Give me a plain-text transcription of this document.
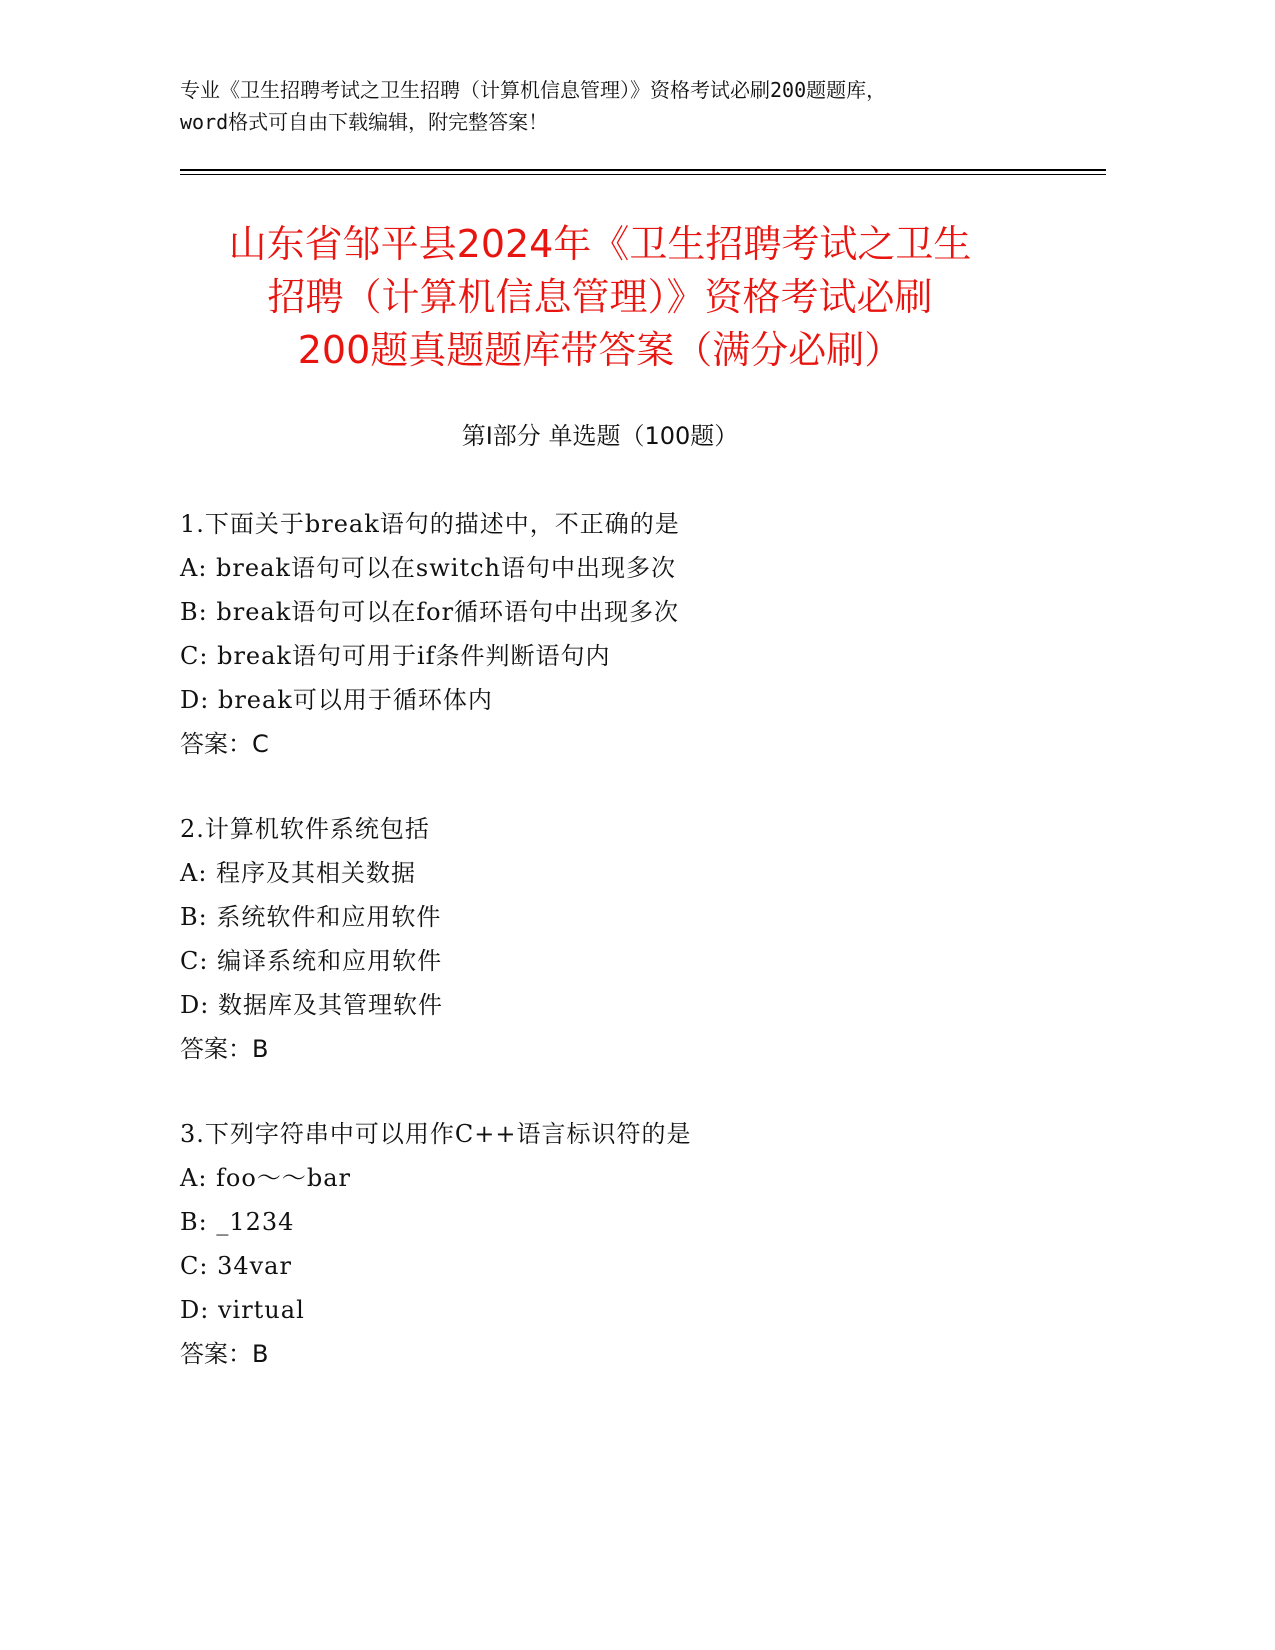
专业《卫生招聘考试之卫生招聘（计算机信息管理）》资格考试必刷200题题库，
word格式可自由下载编辑，附完整答案！
山东省邹平县2024年《卫生招聘考试之卫生
招聘（计算机信息管理）》资格考试必刷
200题真题题库带答案（满分必刷）
第Ⅰ部分 单选题（100题）
1.下面关于break语句的描述中，不正确的是
A: break语句可以在switch语句中出现多次
B: break语句可以在for循环语句中出现多次
C: break语句可用于if条件判断语句内
D: break可以用于循环体内
答案：C
2.计算机软件系统包括
A: 程序及其相关数据
B: 系统软件和应用软件
C: 编译系统和应用软件
D: 数据库及其管理软件
答案：B
3.下列字符串中可以用作C++语言标识符的是
A: foo～～bar
B: _1234
C: 34var
D: virtual
答案：B
